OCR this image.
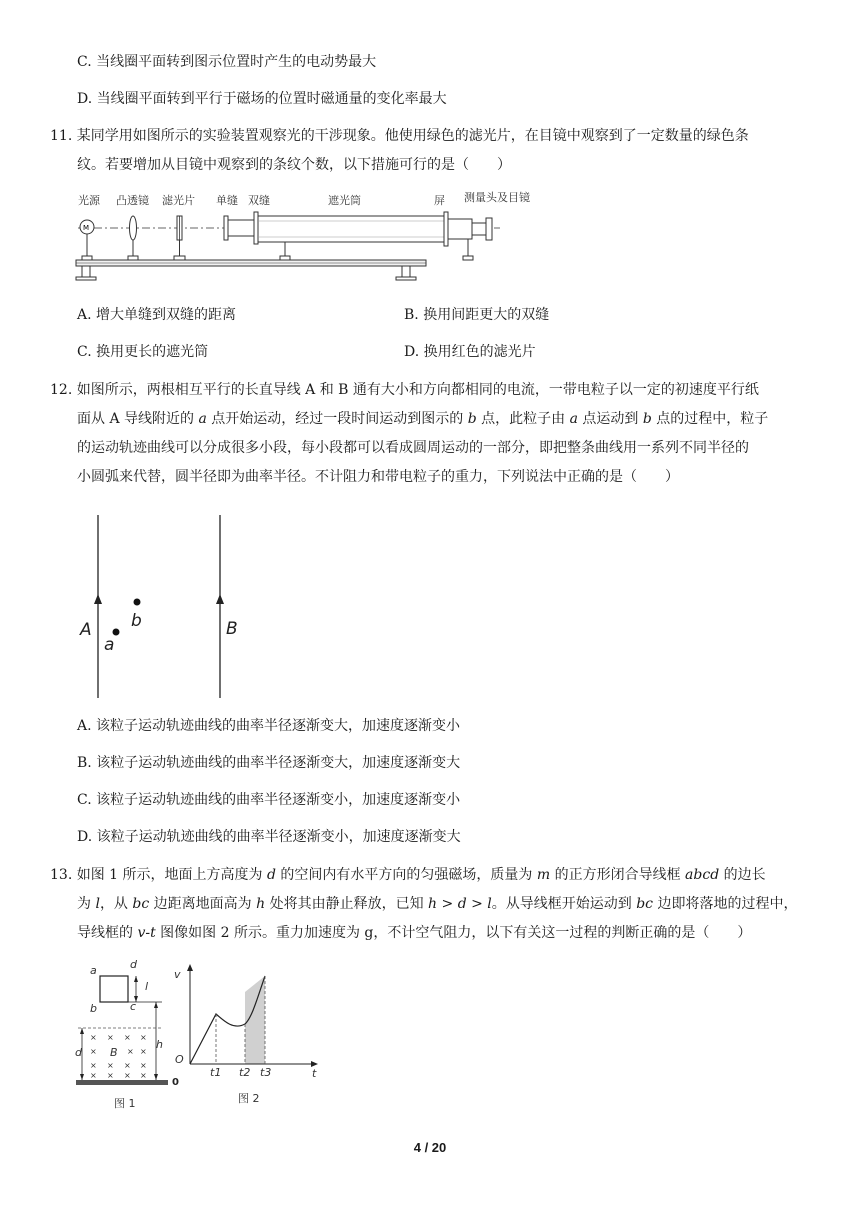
C. 当线圈平面转到图示位置时产生的电动势最大
D. 当线圈平面转到平行于磁场的位置时磁通量的变化率最大
11. 某同学用如图所示的实验装置观察光的干涉现象。他使用绿色的滤光片，在目镜中观察到了一定数量的绿色条
纹。若要增加从目镜中观察到的条纹个数，以下措施可行的是（　　）
光源 凸透镜 滤光片 单缝 双缝	遮光筒	屏 测量头及目镜
M
A. 增大单缝到双缝的距离	B. 换用间距更大的双缝
C. 换用更长的遮光筒	D. 换用红色的滤光片
12. 如图所示，两根相互平行的长直导线 A 和 B 通有大小和方向都相同的电流，一带电粒子以一定的初速度平行纸
面从 A 导线附近的 a 点开始运动，经过一段时间运动到图示的 b 点，此粒子由 a 点运动到 b 点的过程中，粒子
的运动轨迹曲线可以分成很多小段，每小段都可以看成圆周运动的一部分，即把整条曲线用一系列不同半径的
小圆弧来代替，圆半径即为曲率半径。不计阻力和带电粒子的重力，下列说法中正确的是（　　）
A	B
a
b
A. 该粒子运动轨迹曲线的曲率半径逐渐变大，加速度逐渐变小
B. 该粒子运动轨迹曲线的曲率半径逐渐变大，加速度逐渐变大
C. 该粒子运动轨迹曲线的曲率半径逐渐变小，加速度逐渐变小
D. 该粒子运动轨迹曲线的曲率半径逐渐变小，加速度逐渐变大
13. 如图 1 所示，地面上方高度为 d 的空间内有水平方向的匀强磁场，质量为 m 的正方形闭合导线框 abcd 的边长
为 l，从 bc 边距离地面高为 h 处将其由静止释放，已知 h > d > l。从导线框开始运动到 bc 边即将落地的过程中，
导线框的 v-t 图像如图 2 所示。重力加速度为 g，不计空气阻力，以下有关这一过程的判断正确的是（　　）
a	d
b	c
l
d
h
B
× × × ×
×	× ×
× × × ×
× × × ×
0
图 1
v
t
O
t1 t2 t3
图 2
4 / 20
